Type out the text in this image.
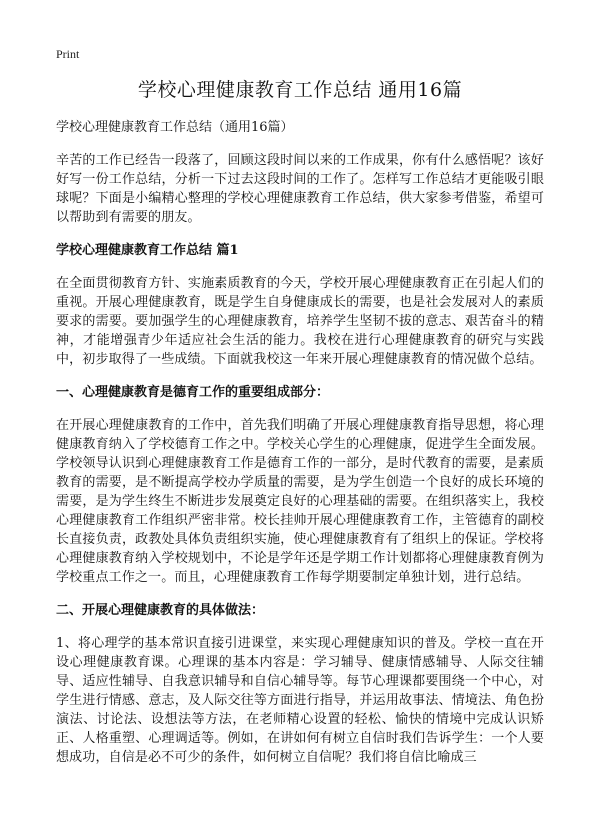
Print
学校心理健康教育工作总结 通用16篇

学校心理健康教育工作总结（通用16篇）

辛苦的工作已经告一段落了，回顾这段时间以来的工作成果，你有什么感悟呢？该好好写一份工作总结，分析一下过去这段时间的工作了。怎样写工作总结才更能吸引眼球呢？下面是小编精心整理的学校心理健康教育工作总结，供大家参考借鉴，希望可以帮助到有需要的朋友。

学校心理健康教育工作总结 篇1

在全面贯彻教育方针、实施素质教育的今天，学校开展心理健康教育正在引起人们的重视。开展心理健康教育，既是学生自身健康成长的需要，也是社会发展对人的素质要求的需要。要加强学生的心理健康教育，培养学生坚韧不拔的意志、艰苦奋斗的精神，才能增强青少年适应社会生活的能力。我校在进行心理健康教育的研究与实践中，初步取得了一些成绩。下面就我校这一年来开展心理健康教育的情况做个总结。

一、心理健康教育是德育工作的重要组成部分：

在开展心理健康教育的工作中，首先我们明确了开展心理健康教育指导思想，将心理健康教育纳入了学校德育工作之中。学校关心学生的心理健康，促进学生全面发展。学校领导认识到心理健康教育工作是德育工作的一部分，是时代教育的需要，是素质教育的需要，是不断提高学校办学质量的需要，是为学生创造一个良好的成长环境的需要，是为学生终生不断进步发展奠定良好的心理基础的需要。在组织落实上，我校心理健康教育工作组织严密非常。校长挂帅开展心理健康教育工作，主管德育的副校长直接负责，政教处具体负责组织实施，使心理健康教育有了组织上的保证。学校将心理健康教育纳入学校规划中，不论是学年还是学期工作计划都将心理健康教育例为学校重点工作之一。而且，心理健康教育工作每学期要制定单独计划，进行总结。

二、开展心理健康教育的具体做法：

1、将心理学的基本常识直接引进课堂，来实现心理健康知识的普及。学校一直在开设心理健康教育课。心理课的基本内容是：学习辅导、健康情感辅导、人际交往辅导、适应性辅导、自我意识辅导和自信心辅导等。每节心理课都要围绕一个中心，对学生进行情感、意志，及人际交往等方面进行指导，并运用故事法、情境法、角色扮演法、讨论法、设想法等方法，在老师精心设置的轻松、愉快的情境中完成认识矫正、人格重塑、心理调适等。例如，在讲如何有树立自信时我们告诉学生：一个人要想成功，自信是必不可少的条件，如何树立自信呢？我们将自信比喻成三
